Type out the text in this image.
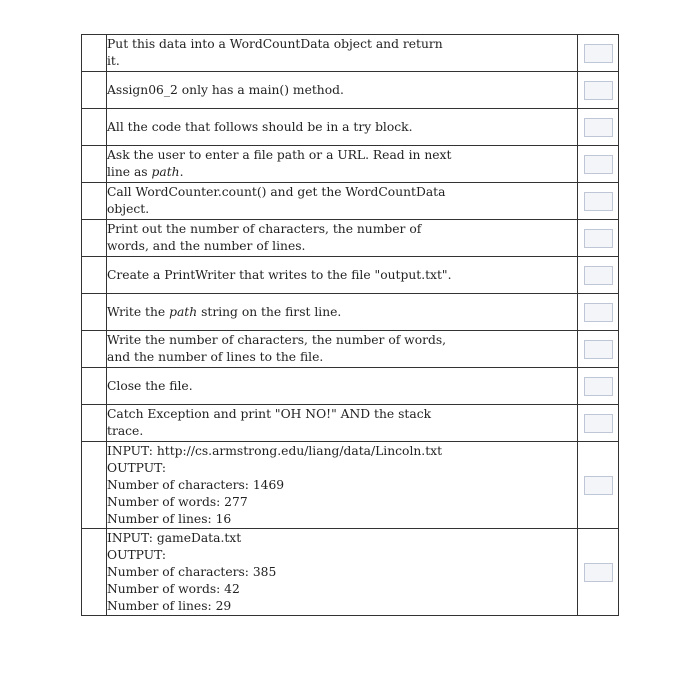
	Put this data into a WordCountData object and return it.	

	Assign06_2 only has a main() method.	

	All the code that follows should be in a try block.	

	Ask the user to enter a file path or a URL. Read in next line as path.	

	Call WordCounter.count() and get the WordCountData object.	

	Print out the number of characters, the number of words, and the number of lines.	

	Create a PrintWriter that writes to the file "output.txt".	

	Write the path string on the first line.	

	Write the number of characters, the number of words, and the number of lines to the file.	

	Close the file.	

	Catch Exception and print "OH NO!" AND the stack trace.	

	INPUT: http://cs.armstrong.edu/liang/data/Lincoln.txt
OUTPUT:
Number of characters: 1469
Number of words: 277
Number of lines: 16	

	INPUT: gameData.txt
OUTPUT:
Number of characters: 385
Number of words: 42
Number of lines: 29	
